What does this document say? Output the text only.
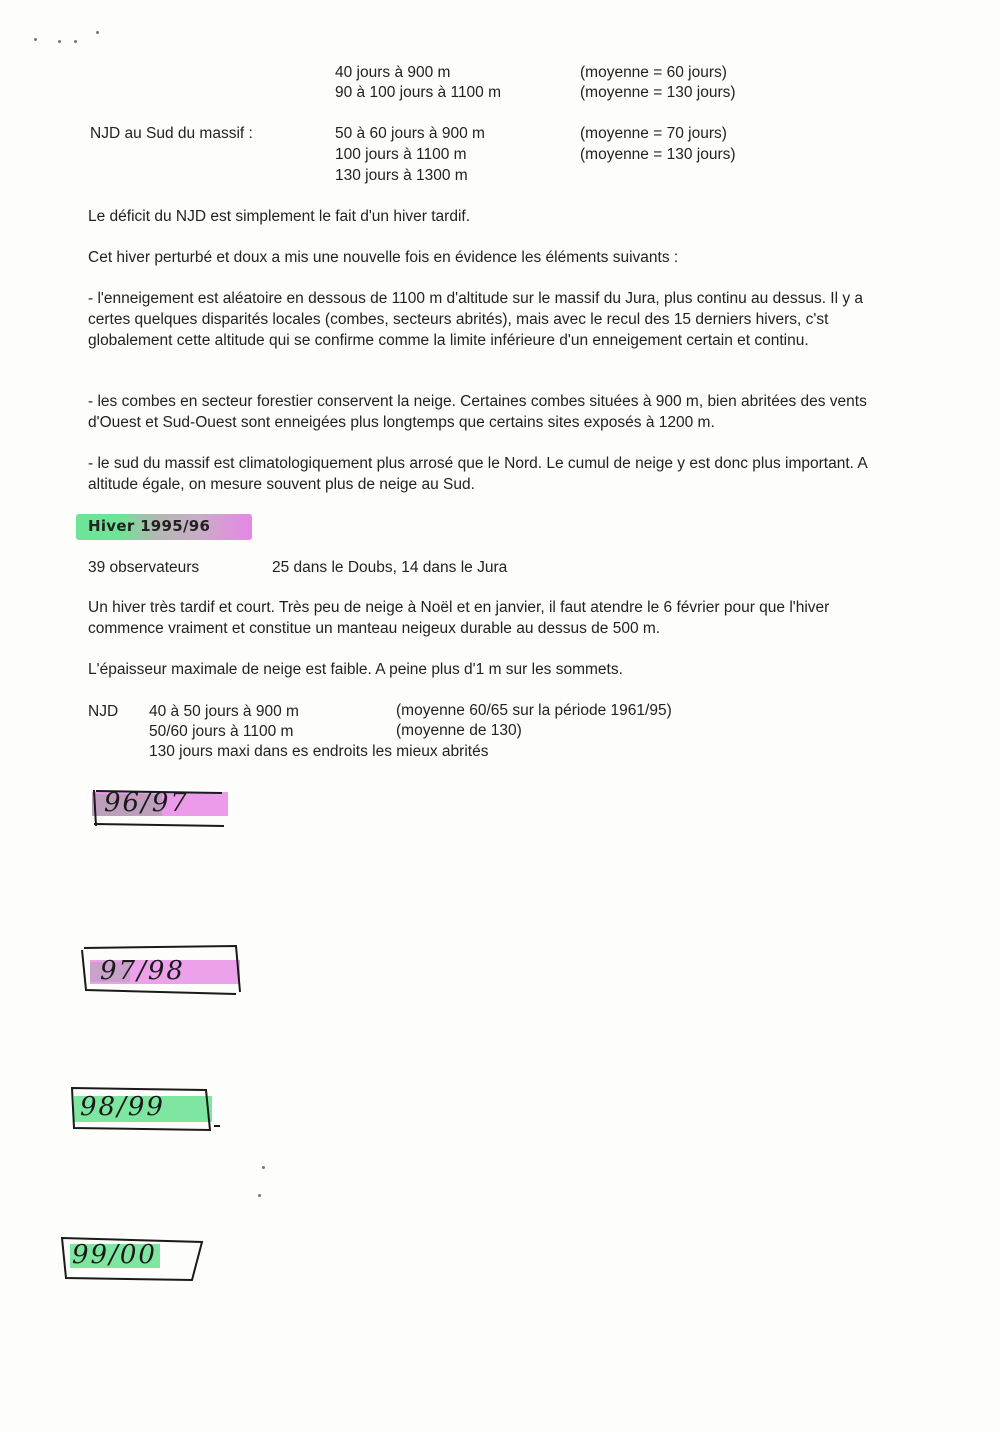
40 jours à 900 m	(moyenne = 60 jours)
90 à 100 jours à 1100 m	(moyenne = 130 jours)
NJD au Sud du massif :	50 à 60 jours à 900 m	(moyenne = 70 jours)
100 jours à 1100 m	(moyenne = 130 jours)
130 jours à 1300 m
Le déficit du NJD est simplement le fait d'un hiver tardif.
Cet hiver perturbé et doux a mis une nouvelle fois en évidence les éléments suivants :
- l'enneigement est aléatoire en dessous de 1100 m d'altitude sur le massif du Jura, plus continu au dessus. Il y a certes quelques disparités locales (combes, secteurs abrités), mais avec le recul des 15 derniers hivers, c'st globalement cette altitude qui se confirme comme la limite inférieure d'un enneigement certain et continu.
- les combes en secteur forestier conservent la neige. Certaines combes situées à 900 m, bien abritées des vents d'Ouest et Sud-Ouest sont enneigées plus longtemps que certains sites exposés à 1200 m.
- le sud du massif est climatologiquement plus arrosé que le Nord. Le cumul de neige y est donc plus important. A altitude égale, on mesure souvent plus de neige au Sud.
Hiver 1995/96
39 observateurs	25 dans le Doubs, 14 dans le Jura
Un hiver très tardif et court. Très peu de neige à Noël et en janvier, il faut atendre le 6 février pour que l'hiver commence vraiment et constitue un manteau neigeux durable au dessus de 500 m.
L'épaisseur maximale de neige est faible. A peine plus d'1 m sur les sommets.
NJD 40 à 50 jours à 900 m	(moyenne 60/65 sur la période 1961/95)
50/60 jours à 1100 m	(moyenne de 130)
130 jours maxi dans es endroits les mieux abrités
96/97
97/98
98/99
99/00
